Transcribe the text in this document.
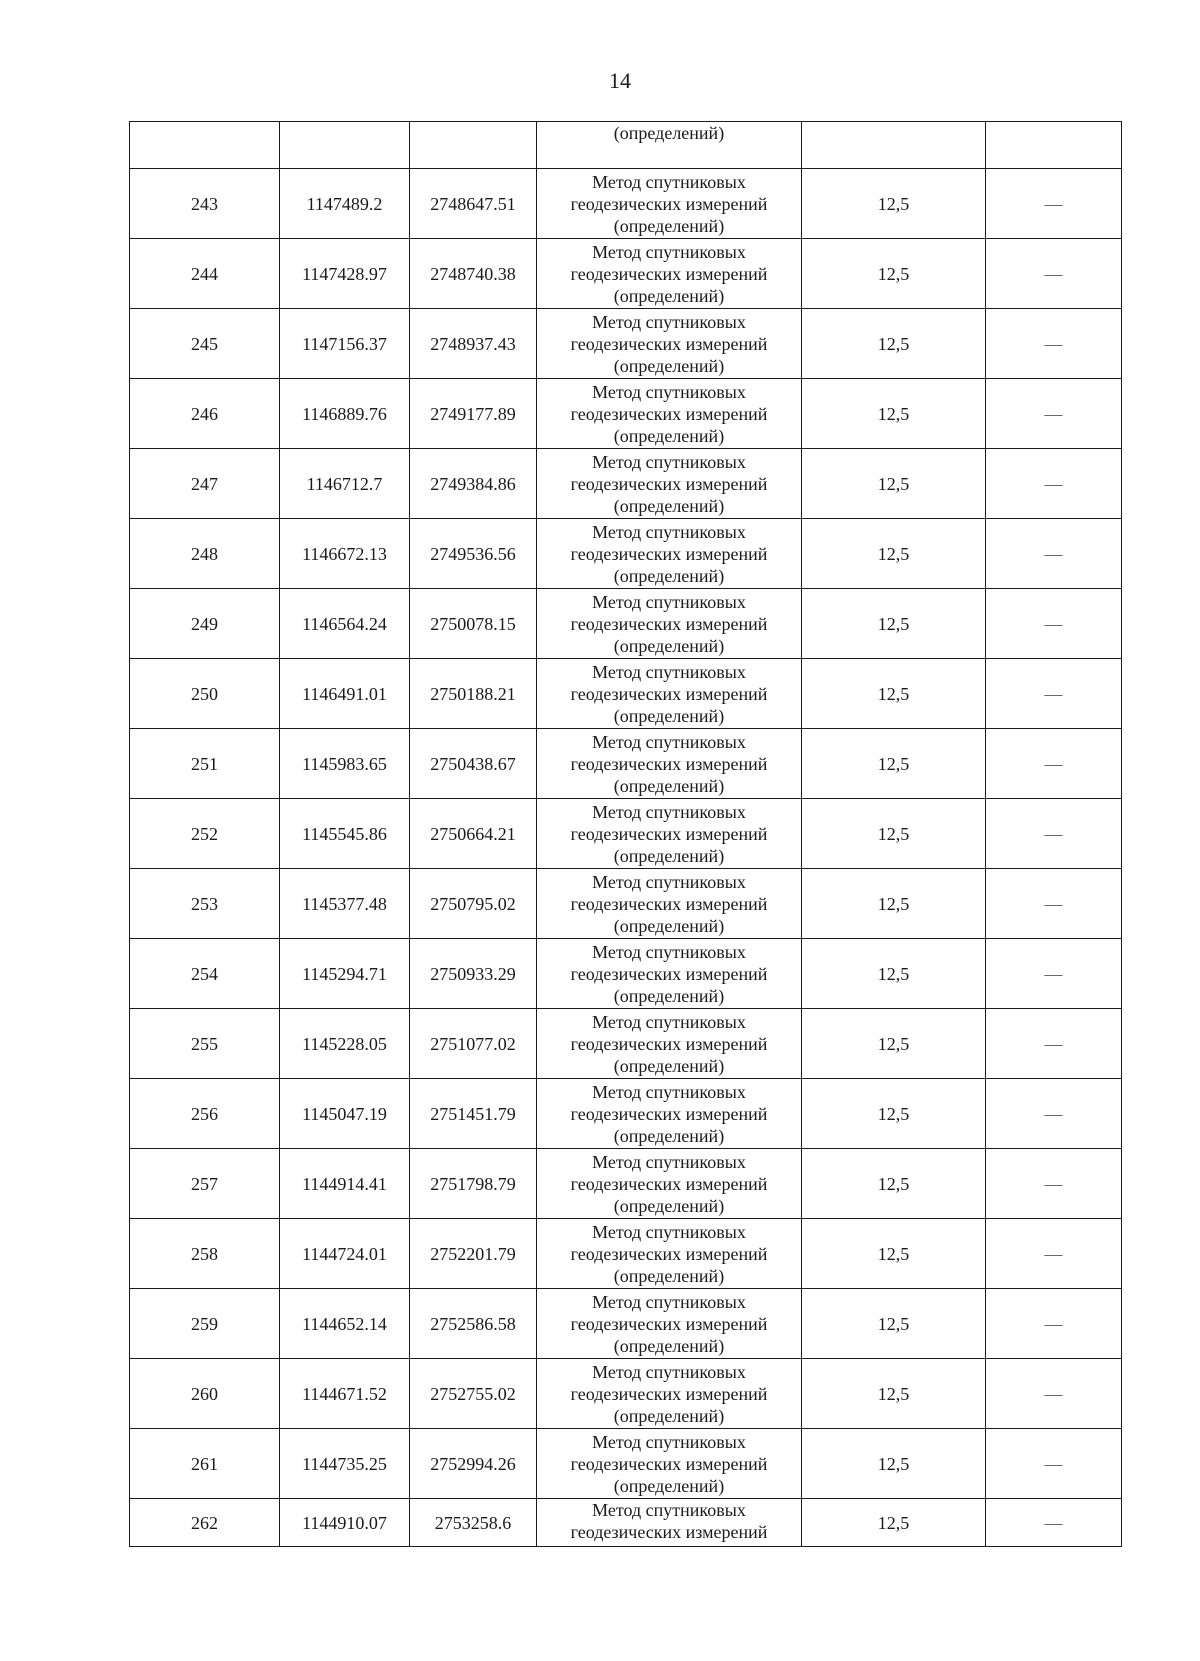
14

			(определений)		

243	1147489.2	2748647.51	Метод спутниковых
геодезических измерений
(определений)	12,5	—
244	1147428.97	2748740.38	Метод спутниковых
геодезических измерений
(определений)	12,5	—
245	1147156.37	2748937.43	Метод спутниковых
геодезических измерений
(определений)	12,5	—
246	1146889.76	2749177.89	Метод спутниковых
геодезических измерений
(определений)	12,5	—
247	1146712.7	2749384.86	Метод спутниковых
геодезических измерений
(определений)	12,5	—
248	1146672.13	2749536.56	Метод спутниковых
геодезических измерений
(определений)	12,5	—
249	1146564.24	2750078.15	Метод спутниковых
геодезических измерений
(определений)	12,5	—
250	1146491.01	2750188.21	Метод спутниковых
геодезических измерений
(определений)	12,5	—
251	1145983.65	2750438.67	Метод спутниковых
геодезических измерений
(определений)	12,5	—
252	1145545.86	2750664.21	Метод спутниковых
геодезических измерений
(определений)	12,5	—
253	1145377.48	2750795.02	Метод спутниковых
геодезических измерений
(определений)	12,5	—
254	1145294.71	2750933.29	Метод спутниковых
геодезических измерений
(определений)	12,5	—
255	1145228.05	2751077.02	Метод спутниковых
геодезических измерений
(определений)	12,5	—
256	1145047.19	2751451.79	Метод спутниковых
геодезических измерений
(определений)	12,5	—
257	1144914.41	2751798.79	Метод спутниковых
геодезических измерений
(определений)	12,5	—
258	1144724.01	2752201.79	Метод спутниковых
геодезических измерений
(определений)	12,5	—
259	1144652.14	2752586.58	Метод спутниковых
геодезических измерений
(определений)	12,5	—
260	1144671.52	2752755.02	Метод спутниковых
геодезических измерений
(определений)	12,5	—
261	1144735.25	2752994.26	Метод спутниковых
геодезических измерений
(определений)	12,5	—
262	1144910.07	2753258.6	Метод спутниковых
геодезических измерений	12,5	—
